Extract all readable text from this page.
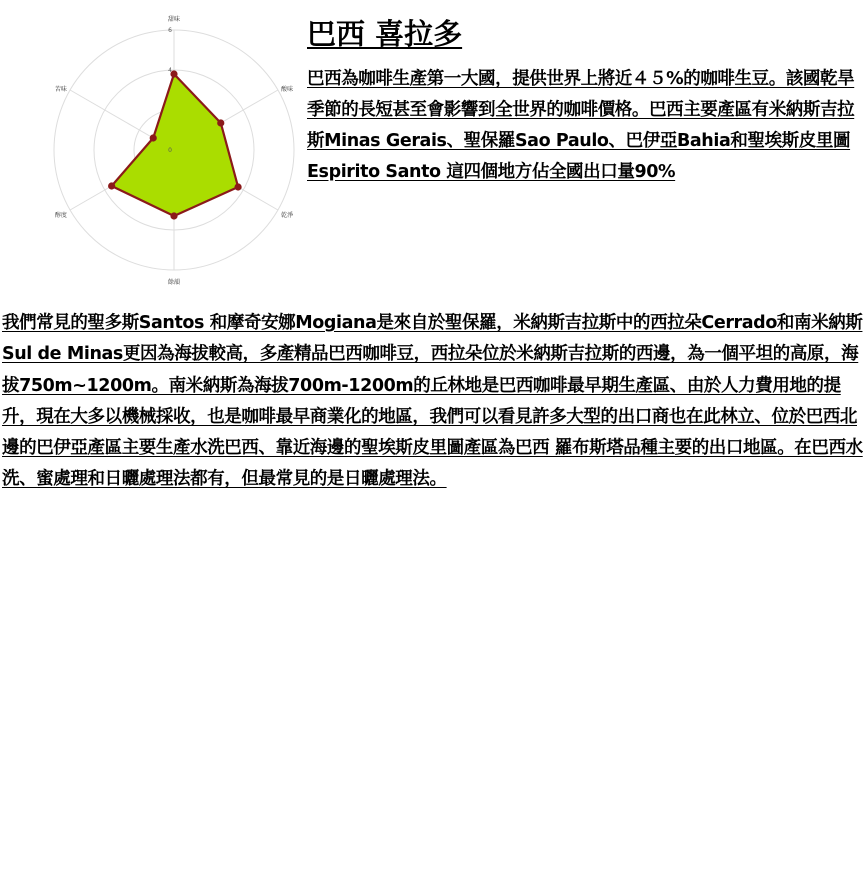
0
4
6
甜味
酸味
乾淨
餘韻
醇度
苦味
巴西 喜拉多

巴西為咖啡生產第一大國，提供世界上將近４５%的咖啡生豆。該國乾旱季節的長短甚至會影響到全世界的咖啡價格。巴西主要產區有米納斯吉拉斯Minas Gerais、聖保羅Sao Paulo、巴伊亞Bahia和聖埃斯皮里圖Espirito Santo 這四個地方佔全國出口量90%

我們常見的聖多斯Santos 和摩奇安娜Mogiana是來自於聖保羅，米納斯吉拉斯中的西拉朵Cerrado和南米納斯 Sul de Minas更因為海拔較高，多產精品巴西咖啡豆，西拉朵位於米納斯吉拉斯的西邊，為一個平坦的高原，海拔750m~1200m。南米納斯為海拔700m-1200m的丘林地是巴西咖啡最早期生產區、由於人力費用地的提升，現在大多以機械採收，也是咖啡最早商業化的地區，我們可以看見許多大型的出口商也在此林立、位於巴西北邊的巴伊亞產區主要生產水洗巴西、靠近海邊的聖埃斯皮里圖產區為巴西 羅布斯塔品種主要的出口地區。在巴西水洗、蜜處理和日曬處理法都有，但最常見的是日曬處理法。
